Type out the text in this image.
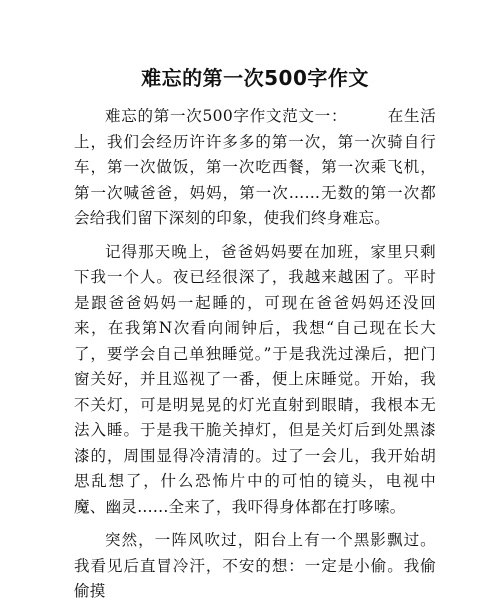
难忘的第一次500字作文

难忘的第一次500字作文范文一：	在生活上，我们会经历许许多多的第一次，第一次骑自行车，第一次做饭，第一次吃西餐，第一次乘飞机，第一次喊爸爸，妈妈，第一次……无数的第一次都会给我们留下深刻的印象，使我们终身难忘。

记得那天晚上，爸爸妈妈要在加班，家里只剩下我一个人。夜已经很深了，我越来越困了。平时是跟爸爸妈妈一起睡的，可现在爸爸妈妈还没回来，在我第N次看向闹钟后，我想“自己现在长大了，要学会自己单独睡觉。”于是我洗过澡后，把门窗关好，并且巡视了一番，便上床睡觉。开始，我不关灯，可是明晃晃的灯光直射到眼睛，我根本无法入睡。于是我干脆关掉灯，但是关灯后到处黑漆漆的，周围显得冷清清的。过了一会儿，我开始胡思乱想了，什么恐怖片中的可怕的镜头，电视中魔、幽灵......全来了，我吓得身体都在打哆嗦。

突然，一阵风吹过，阳台上有一个黑影飘过。我看见后直冒冷汗，不安的想：一定是小偷。我偷偷摸
